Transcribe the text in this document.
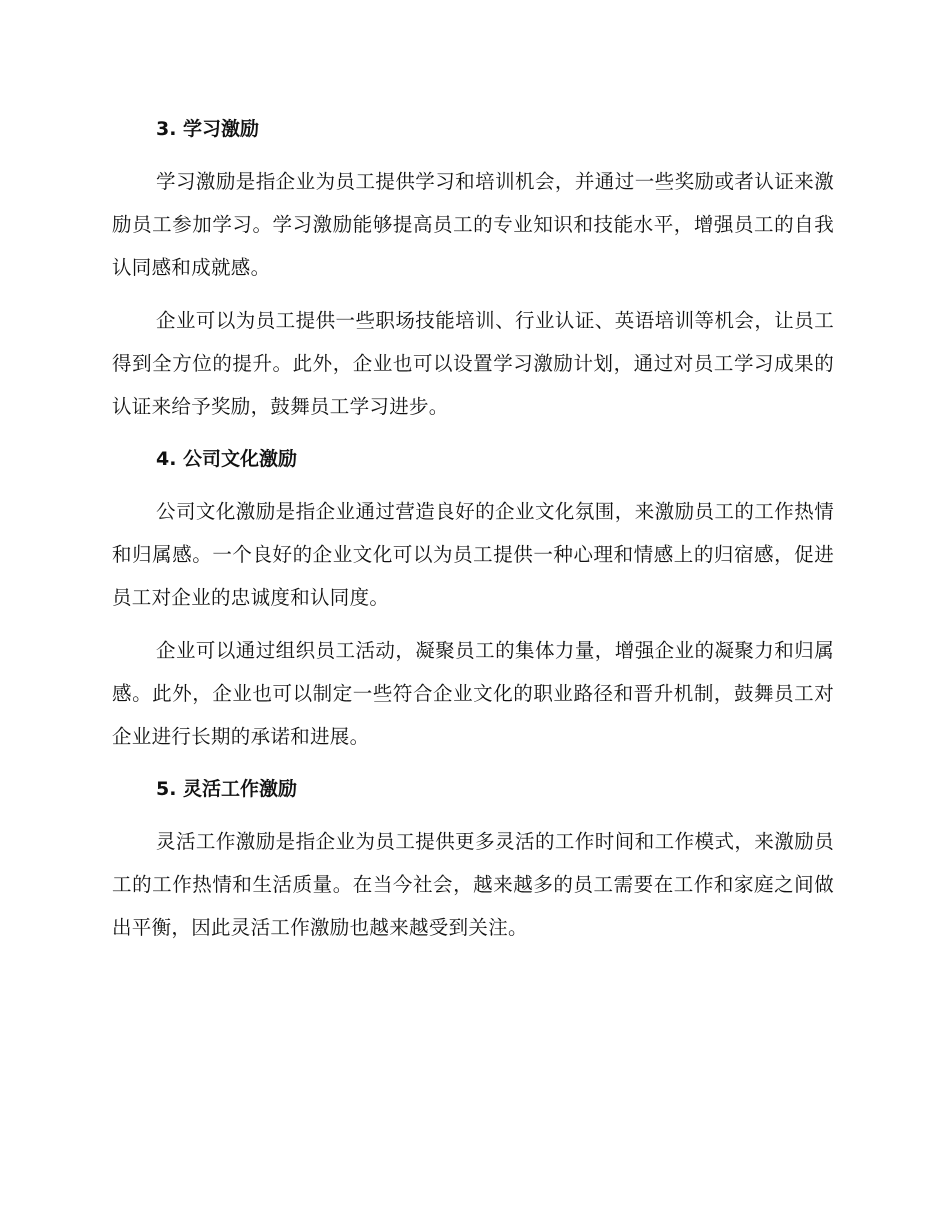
3. 学习激励

学习激励是指企业为员工提供学习和培训机会，并通过一些奖励或者认证来激励员工参加学习。学习激励能够提高员工的专业知识和技能水平，增强员工的自我认同感和成就感。

企业可以为员工提供一些职场技能培训、行业认证、英语培训等机会，让员工得到全方位的提升。此外，企业也可以设置学习激励计划，通过对员工学习成果的认证来给予奖励，鼓舞员工学习进步。

4. 公司文化激励

公司文化激励是指企业通过营造良好的企业文化氛围，来激励员工的工作热情和归属感。一个良好的企业文化可以为员工提供一种心理和情感上的归宿感，促进员工对企业的忠诚度和认同度。

企业可以通过组织员工活动，凝聚员工的集体力量，增强企业的凝聚力和归属感。此外，企业也可以制定一些符合企业文化的职业路径和晋升机制，鼓舞员工对企业进行长期的承诺和进展。

5. 灵活工作激励

灵活工作激励是指企业为员工提供更多灵活的工作时间和工作模式，来激励员工的工作热情和生活质量。在当今社会，越来越多的员工需要在工作和家庭之间做出平衡，因此灵活工作激励也越来越受到关注。
